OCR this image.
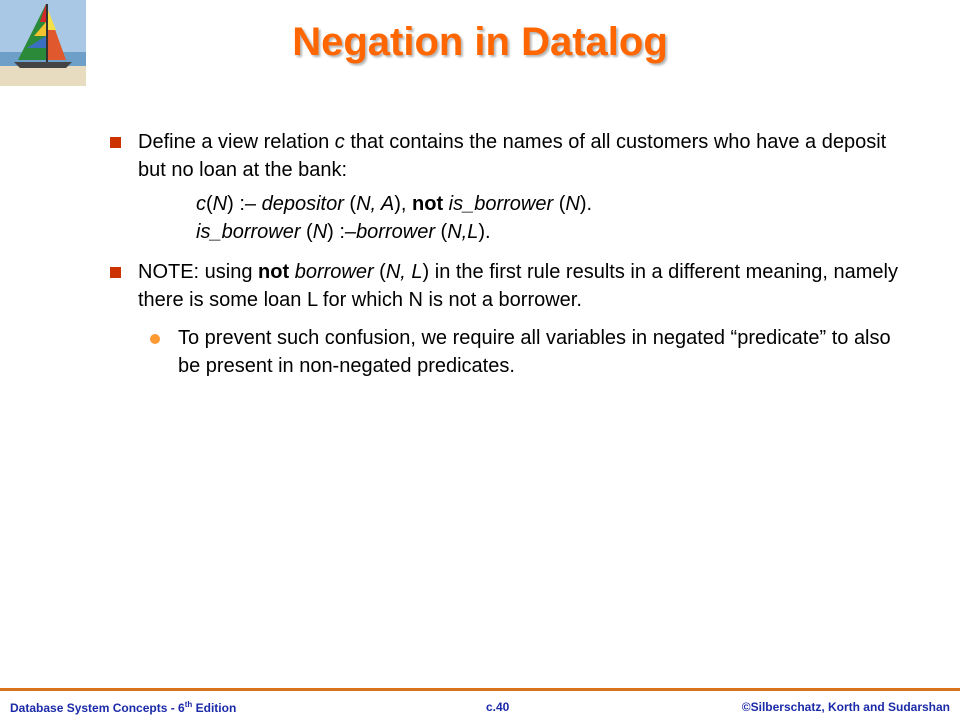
Negation in Datalog
Define a view relation c that contains the names of all customers who have a deposit but no loan at the bank:
c(N) :– depositor (N, A), not is_borrower (N).
is_borrower (N) :–borrower (N,L).
NOTE: using not borrower (N, L) in the first rule results in a different meaning, namely there is some loan L for which N is not a borrower.
To prevent such confusion, we require all variables in negated “predicate” to also be present in non-negated predicates.
Database System Concepts - 6th Edition	c.40	©Silberschatz, Korth and Sudarshan
